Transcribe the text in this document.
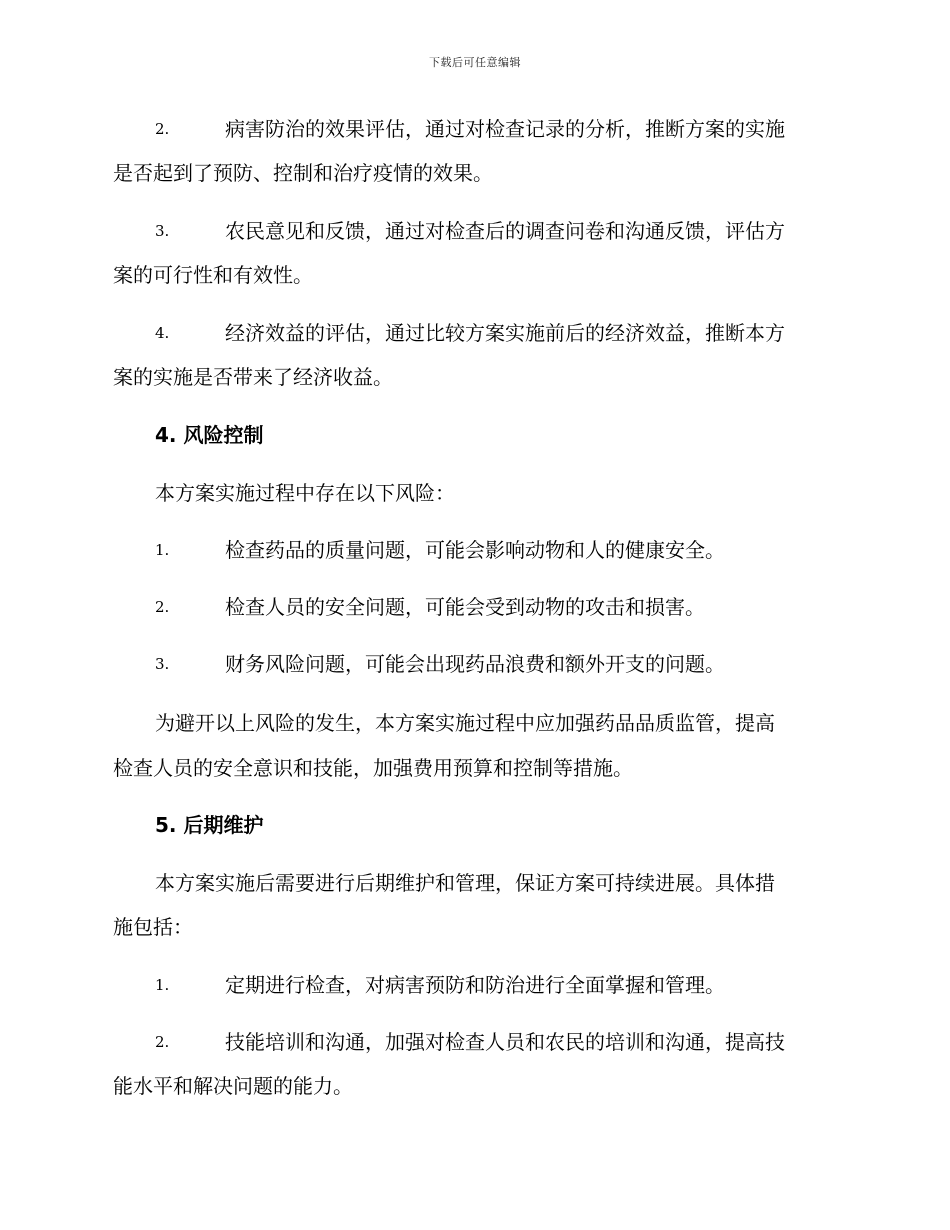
下载后可任意编辑
2.	病害防治的效果评估，通过对检查记录的分析，推断方案的实施
是否起到了预防、控制和治疗疫情的效果。
3.	农民意见和反馈，通过对检查后的调查问卷和沟通反馈，评估方
案的可行性和有效性。
4.	经济效益的评估，通过比较方案实施前后的经济效益，推断本方
案的实施是否带来了经济收益。
4. 风险控制
本方案实施过程中存在以下风险：
1.	检查药品的质量问题，可能会影响动物和人的健康安全。
2.	检查人员的安全问题，可能会受到动物的攻击和损害。
3.	财务风险问题，可能会出现药品浪费和额外开支的问题。
为避开以上风险的发生，本方案实施过程中应加强药品品质监管，提高
检查人员的安全意识和技能，加强费用预算和控制等措施。
5. 后期维护
本方案实施后需要进行后期维护和管理，保证方案可持续进展。具体措
施包括：
1.	定期进行检查，对病害预防和防治进行全面掌握和管理。
2.	技能培训和沟通，加强对检查人员和农民的培训和沟通，提高技
能水平和解决问题的能力。
